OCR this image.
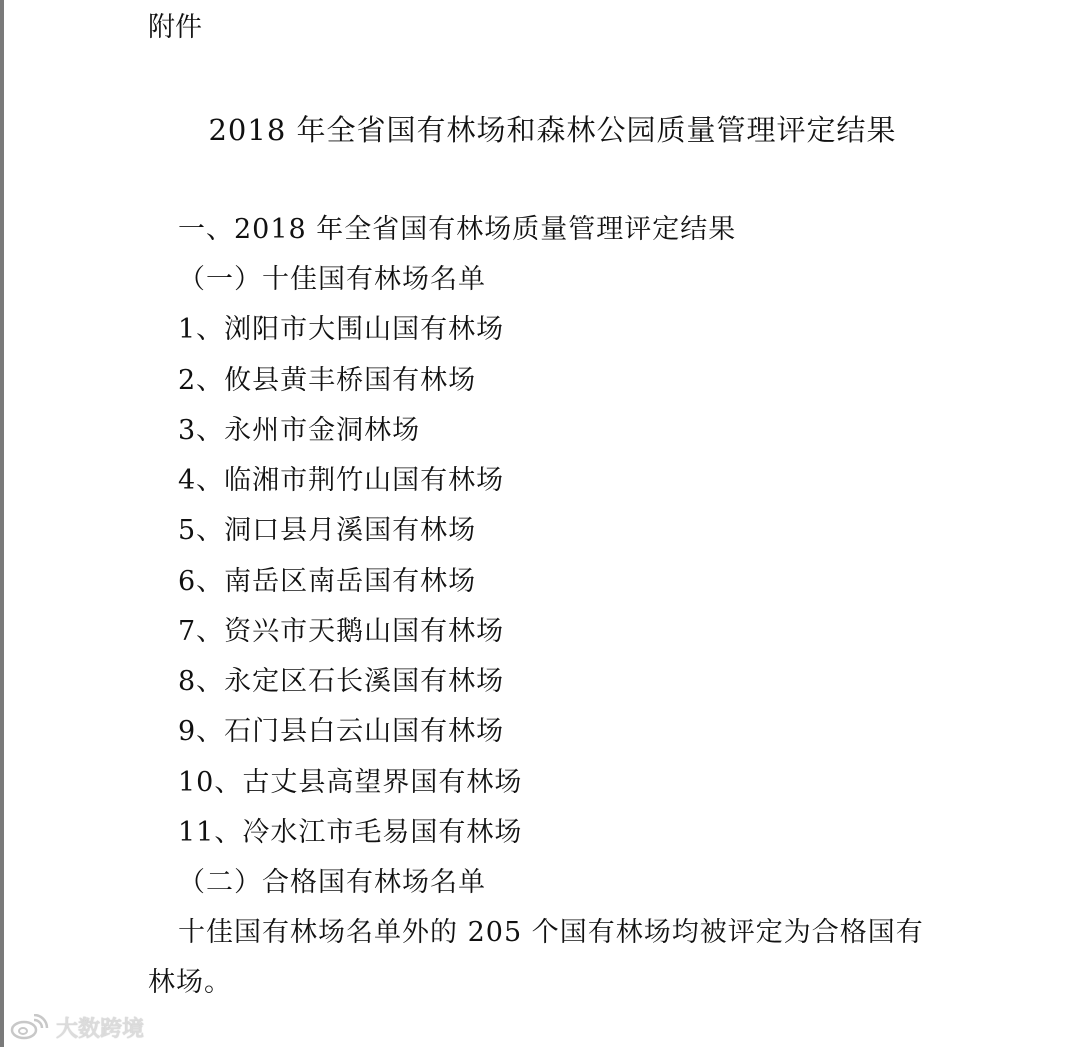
附件
2018 年全省国有林场和森林公园质量管理评定结果
一、2018 年全省国有林场质量管理评定结果
（一）十佳国有林场名单
1、浏阳市大围山国有林场
2、攸县黄丰桥国有林场
3、永州市金洞林场
4、临湘市荆竹山国有林场
5、洞口县月溪国有林场
6、南岳区南岳国有林场
7、资兴市天鹅山国有林场
8、永定区石长溪国有林场
9、石门县白云山国有林场
10、古丈县高望界国有林场
11、冷水江市毛易国有林场
（二）合格国有林场名单
十佳国有林场名单外的 205 个国有林场均被评定为合格国有
林场。
大数跨境
